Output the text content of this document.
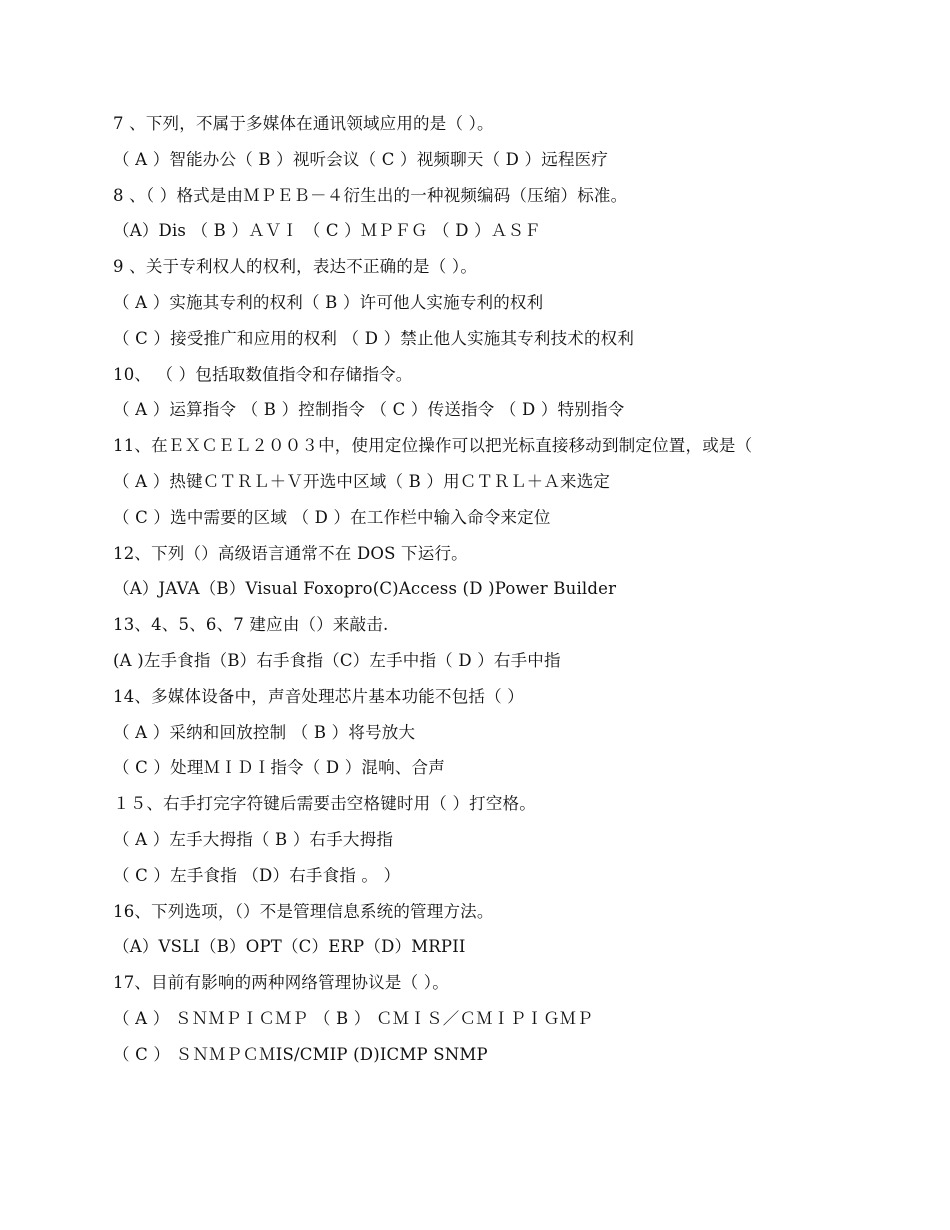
7 、下列，不属于多媒体在通讯领域应用的是（ ）。
（ A ）智能办公（ B ）视听会议（ C ）视频聊天（ D ）远程医疗
8 、（ ）格式是由ＭＰＥＢ－４衍生出的一种视频编码（压缩）标准。
（A）Dis （ B ）ＡＶＩ （ C ）ＭＰＦＧ （ D ）ＡＳＦ
9 、关于专利权人的权利，表达不正确的是（ ）。
（ A ）实施其专利的权利（ B ）许可他人实施专利的权利
（ C ）接受推广和应用的权利 （ D ）禁止他人实施其专利技术的权利
10、 （ ）包括取数值指令和存储指令。
（ A ）运算指令 （ B ）控制指令 （ C ）传送指令 （ D ）特别指令
11、在ＥＸＣＥＬ２００３中，使用定位操作可以把光标直接移动到制定位置，或是（
（ A ）热键ＣＴＲＬ＋Ｖ开选中区域（ B ）用ＣＴＲＬ＋Ａ来选定
（ C ）选中需要的区域 （ D ）在工作栏中输入命令来定位
12、下列（）高级语言通常不在 DOS 下运行。
（A）JAVA（B）Visual Foxopro(C)Access (D )Power Builder
13、4、5、6、7 建应由（）来敲击.
(A )左手食指（B）右手食指（C）左手中指（ D ）右手中指
14、多媒体设备中，声音处理芯片基本功能不包括（ ）
（ A ）采纳和回放控制 （ B ）将号放大
（ C ）处理ＭＩＤＩ指令（ D ）混响、合声
１５、右手打完字符键后需要击空格键时用（ ）打空格。
（ A ）左手大拇指（ B ）右手大拇指
（ C ）左手食指 （D）右手食指 。 ）
16、下列选项，（）不是管理信息系统的管理方法。
（A）VSLI（B）OPT（C）ERP（D）MRPII
17、目前有影响的两种网络管理协议是（ ）。
（ A ） ＳＮＭＰＩＣＭＰ （ B ） ＣＭＩＳ／ＣＭＩＰＩＧＭＰ
（ C ） ＳＮＭＰＣＭIS/CMIP (D)ICMP SNMP
